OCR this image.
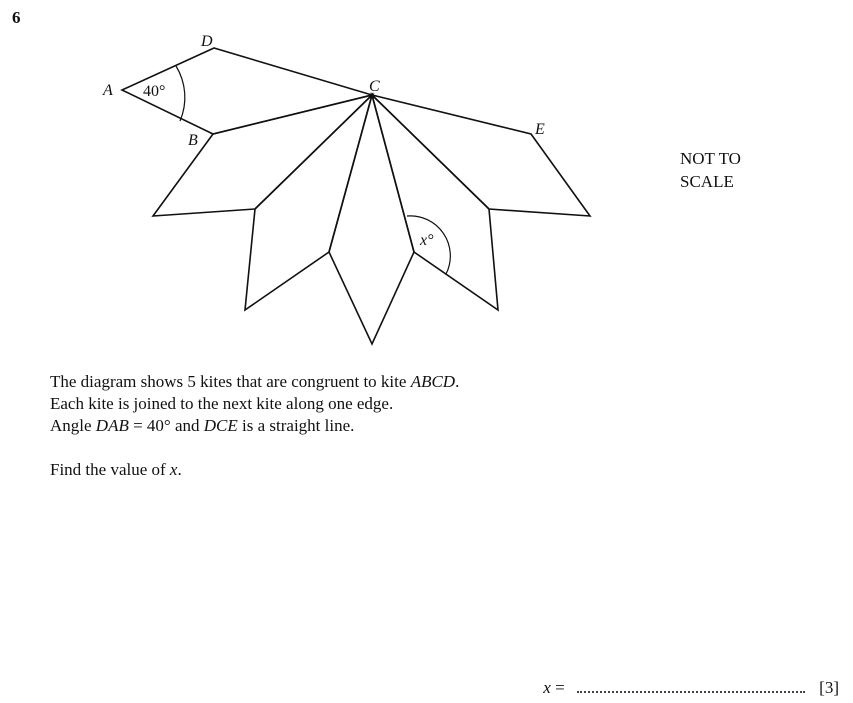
6
A
B
C
D
E
40°
x°
NOT TO
SCALE

The diagram shows 5 kites that are congruent to kite ABCD.

Each kite is joined to the next kite along one edge.

Angle DAB = 40° and DCE is a straight line.

Find the value of x.

x =	[3]
